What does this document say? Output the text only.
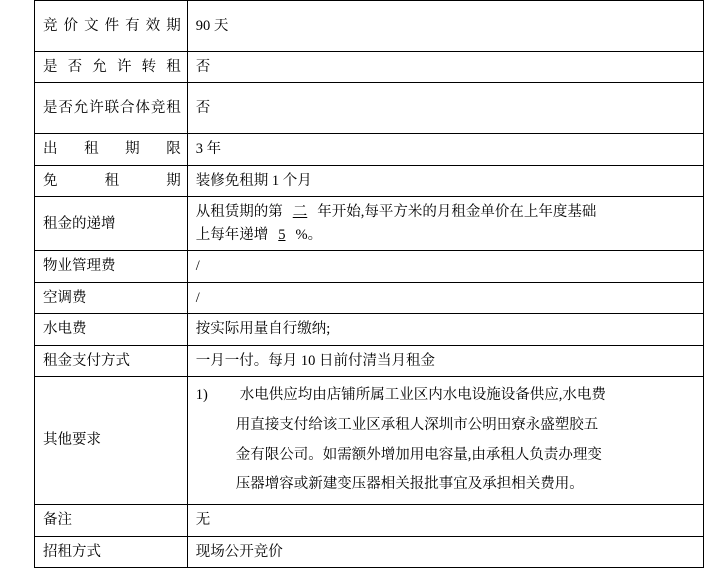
竞价文件有效期	90 天

是否允许转租	否

是否允许联合体竞租	否

出租期限	3 年

免租期	装修免租期 1 个月

租金的递增	从租赁期的第 二 年开始,每平方米的月租金单价在上年度基础
上每年递增 5 %。

物业管理费	/

空调费	/

水电费	按实际用量自行缴纳;

租金支付方式	一月一付。每月 10 日前付清当月租金

其他要求	1) 水电供应均由店铺所属工业区内水电设施设备供应,水电费
用直接支付给该工业区承租人深圳市公明田寮永盛塑胶五
金有限公司。如需额外增加用电容量,由承租人负责办理变
压器增容或新建变压器相关报批事宜及承担相关费用。

备注	无

招租方式	现场公开竞价
